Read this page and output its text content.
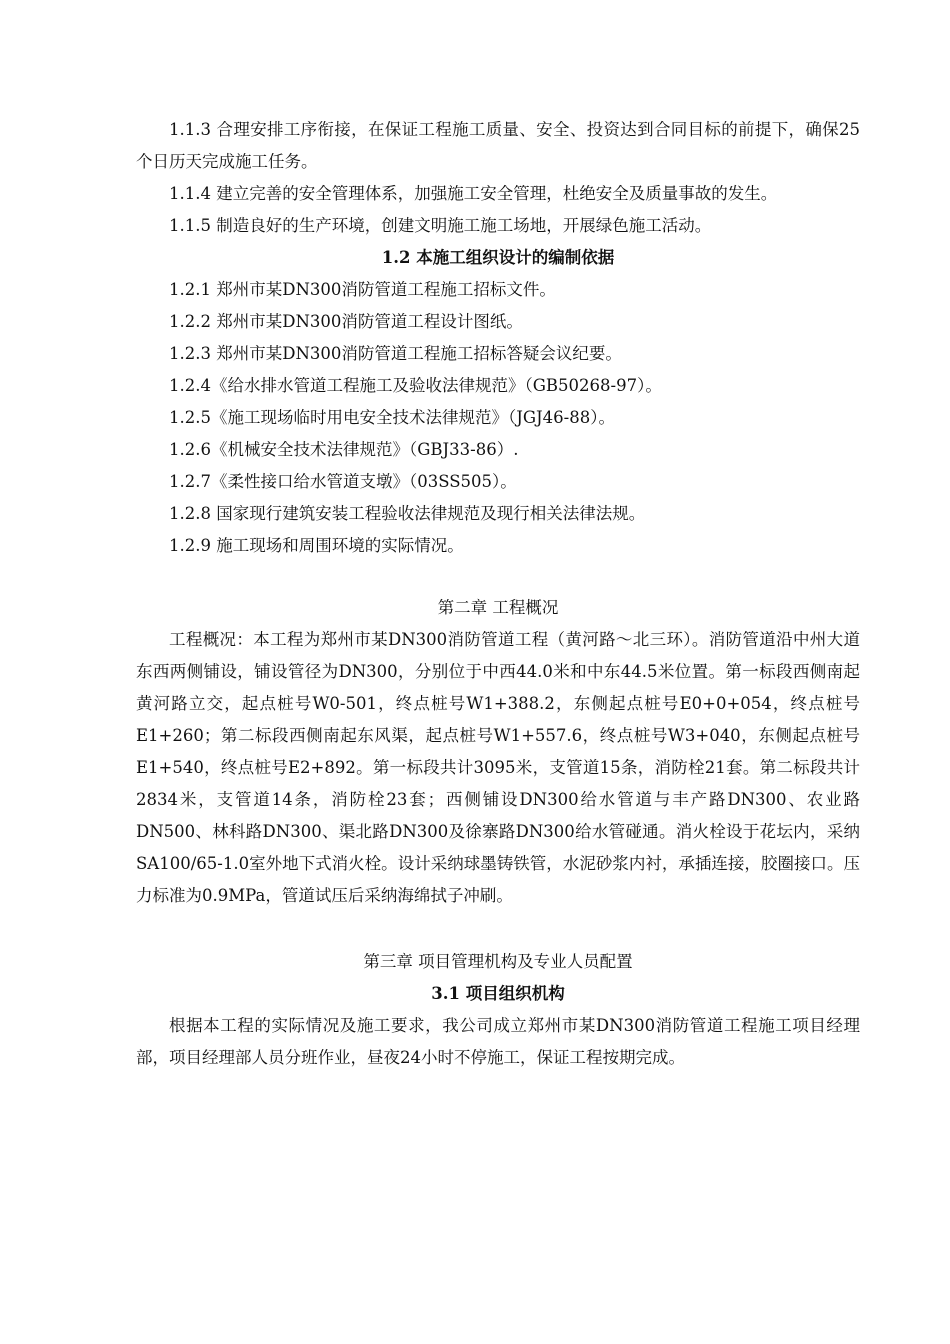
1.1.3 合理安排工序衔接，在保证工程施工质量、安全、投资达到合同目标的前提下，确保25个日历天完成施工任务。

1.1.4 建立完善的安全管理体系，加强施工安全管理，杜绝安全及质量事故的发生。

1.1.5 制造良好的生产环境，创建文明施工施工场地，开展绿色施工活动。

1.2 本施工组织设计的编制依据

1.2.1 郑州市某DN300消防管道工程施工招标文件。

1.2.2 郑州市某DN300消防管道工程设计图纸。

1.2.3 郑州市某DN300消防管道工程施工招标答疑会议纪要。

1.2.4《给水排水管道工程施工及验收法律规范》（GB50268-97）。

1.2.5《施工现场临时用电安全技术法律规范》（JGJ46-88）。

1.2.6《机械安全技术法律规范》（GBJ33-86）.

1.2.7《柔性接口给水管道支墩》（03SS505）。

1.2.8 国家现行建筑安装工程验收法律规范及现行相关法律法规。

1.2.9 施工现场和周围环境的实际情况。

第二章 工程概况

工程概况：本工程为郑州市某DN300消防管道工程（黄河路～北三环）。消防管道沿中州大道东西两侧铺设，铺设管径为DN300，分别位于中西44.0米和中东44.5米位置。第一标段西侧南起黄河路立交，起点桩号W0-501，终点桩号W1+388.2，东侧起点桩号E0+0+054，终点桩号E1+260；第二标段西侧南起东风渠，起点桩号W1+557.6，终点桩号W3+040，东侧起点桩号E1+540，终点桩号E2+892。第一标段共计3095米，支管道15条，消防栓21套。第二标段共计2834米，支管道14条，消防栓23套；西侧铺设DN300给水管道与丰产路DN300、农业路DN500、林科路DN300、渠北路DN300及徐寨路DN300给水管碰通。消火栓设于花坛内，采纳SA100/65-1.0室外地下式消火栓。设计采纳球墨铸铁管，水泥砂浆内衬，承插连接，胶圈接口。压力标准为0.9MPa，管道试压后采纳海绵拭子冲刷。

第三章 项目管理机构及专业人员配置

3.1 项目组织机构

根据本工程的实际情况及施工要求，我公司成立郑州市某DN300消防管道工程施工项目经理部，项目经理部人员分班作业，昼夜24小时不停施工，保证工程按期完成。
